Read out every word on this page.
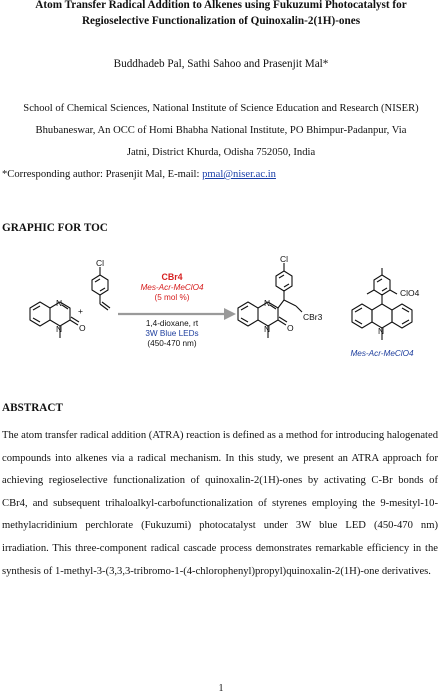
Atom Transfer Radical Addition to Alkenes using Fukuzumi Photocatalyst for
Regioselective Functionalization of Quinoxalin-2(1H)-ones
Buddhadeb Pal, Sathi Sahoo and Prasenjit Mal*
School of Chemical Sciences, National Institute of Science Education and Research (NISER)
Bhubaneswar, An OCC of Homi Bhabha National Institute, PO Bhimpur-Padanpur, Via
Jatni, District Khurda, Odisha 752050, India
*Corresponding author: Prasenjit Mal, E-mail: pmal@niser.ac.in
GRAPHIC FOR TOC
N
N O
+
Cl
N
N O
Cl
CBr3
N
ClO4
CBr4
Mes-Acr-MeClO4
(5 mol %)
1,4-dioxane, rt
3W Blue LEDs
(450-470 nm)
Mes-Acr-MeClO4
ABSTRACT

The atom transfer radical addition (ATRA) reaction is defined as a method for introducing halogenated compounds into alkenes via a radical mechanism. In this study, we present an ATRA approach for achieving regioselective functionalization of quinoxalin-2(1H)-ones by activating C-Br bonds of CBr4, and subsequent trihaloalkyl-carbofunctionalization of styrenes employing the 9-mesityl-10-methylacridinium perchlorate (Fukuzumi) photocatalyst under 3W blue LED (450-470 nm) irradiation. This three-component radical cascade process demonstrates remarkable efficiency in the synthesis of 1-methyl-3-(3,3,3-tribromo-1-(4-chlorophenyl)propyl)quinoxalin-2(1H)-one derivatives.

1
